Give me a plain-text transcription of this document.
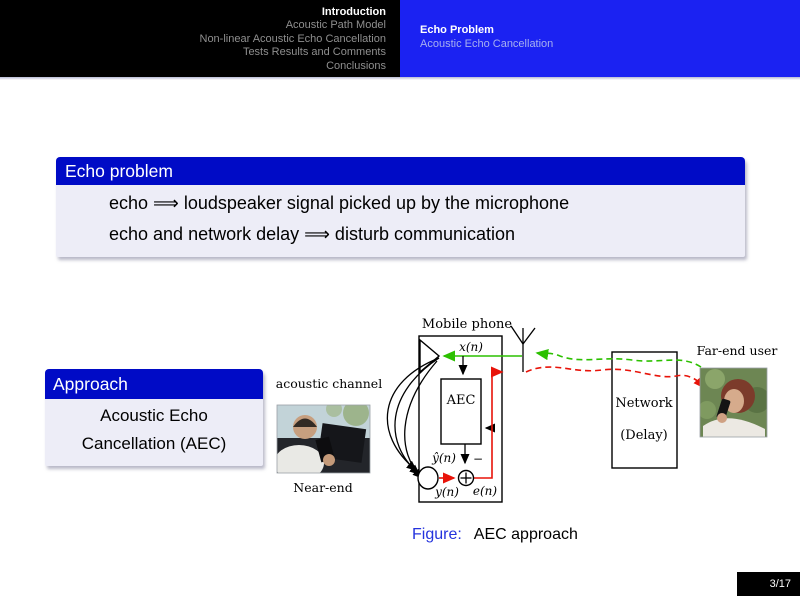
Introduction
Acoustic Path Model
Non-linear Acoustic Echo Cancellation
Tests Results and Comments
Conclusions
Echo Problem
Acoustic Echo Cancellation
Echo problem
echo ⟹ loudspeaker signal picked up by the microphone
echo and network delay ⟹ disturb communication
Approach
Acoustic Echo
Cancellation (AEC)
Near-end
acoustic channel
Mobile phone
x(n)
AEC
−
ŷ(n)
y(n) e(n)
Network
(Delay)
Far-end user
Figure: AEC approach
3/17
